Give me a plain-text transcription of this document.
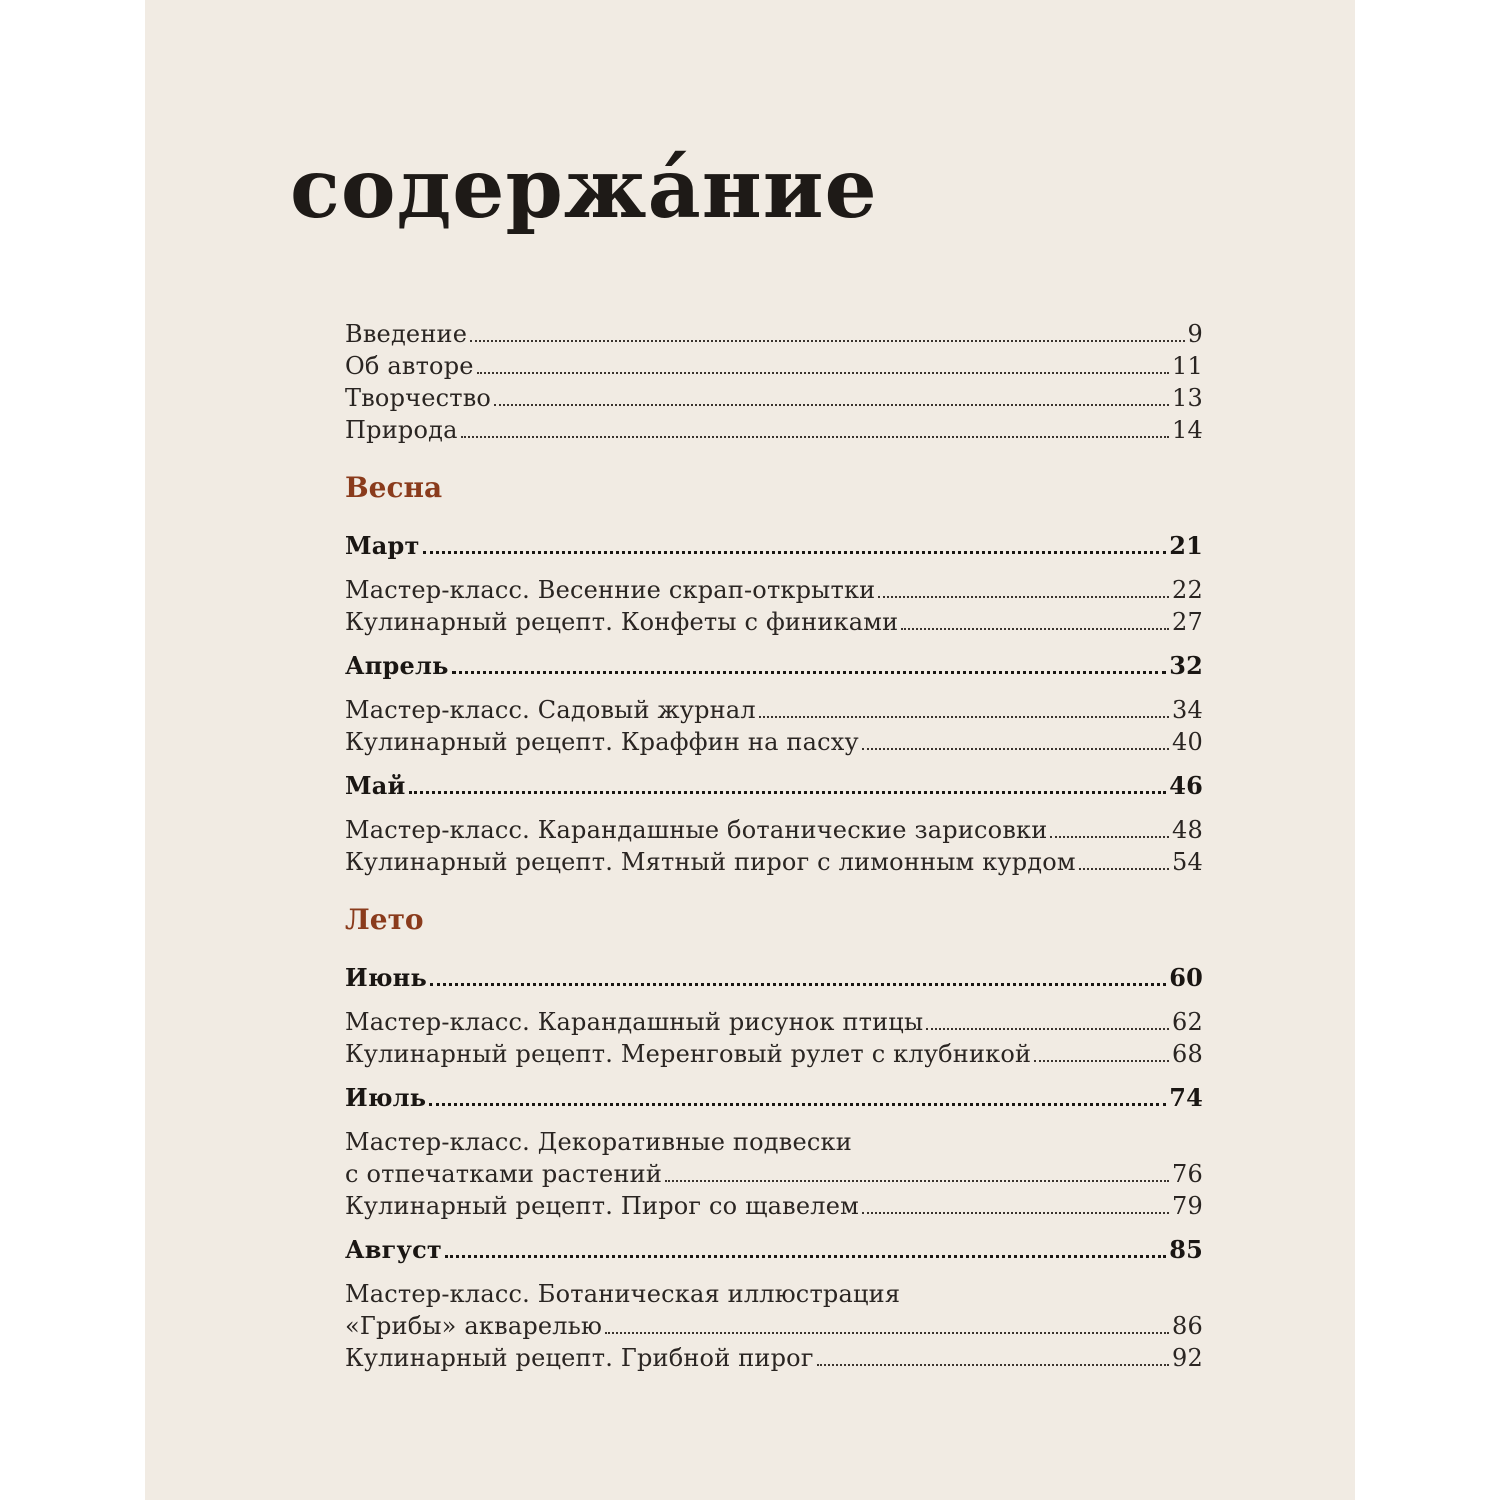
содержа́ние
Введение	9
Об авторе	11
Творчество	13
Природа	14
Весна
Март	21
Мастер-класс. Весенние скрап-открытки	22
Кулинарный рецепт. Конфеты с финиками	27
Апрель	32
Мастер-класс. Садовый журнал	34
Кулинарный рецепт. Краффин на пасху	40
Май	46
Мастер-класс. Карандашные ботанические зарисовки	48
Кулинарный рецепт. Мятный пирог с лимонным курдом	54
Лето
Июнь	60
Мастер-класс. Карандашный рисунок птицы	62
Кулинарный рецепт. Меренговый рулет с клубникой	68
Июль	74
Мастер-класс. Декоративные подвески
с отпечатками растений	76
Кулинарный рецепт. Пирог со щавелем	79
Август	85
Мастер-класс. Ботаническая иллюстрация
«Грибы» акварелью	86
Кулинарный рецепт. Грибной пирог	92
